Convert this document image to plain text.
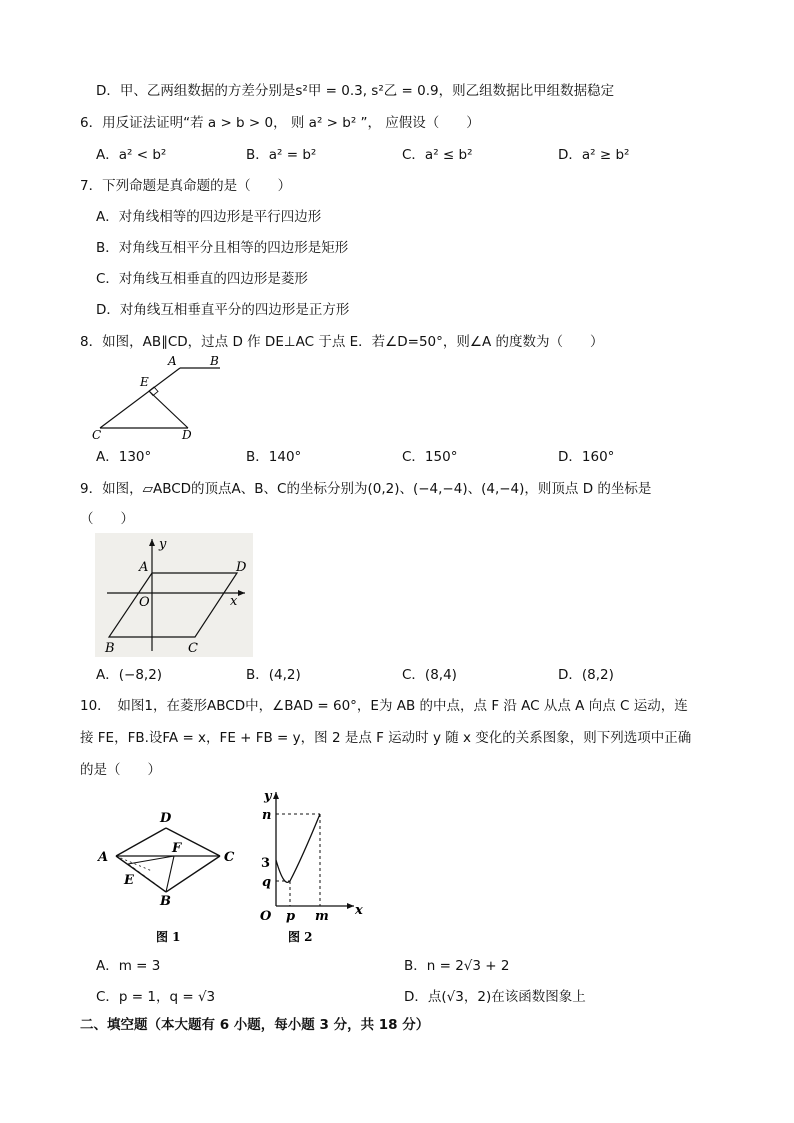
D．甲、乙两组数据的方差分别是s²甲 = 0.3, s²乙 = 0.9，则乙组数据比甲组数据稳定
6．用反证法证明“若 a > b > 0， 则 a² > b² ”， 应假设（　　）
A．a² < b²	B．a² = b²	C．a² ≤ b²	D．a² ≥ b²
7．下列命题是真命题的是（　　）
A．对角线相等的四边形是平行四边形
B．对角线互相平分且相等的四边形是矩形
C．对角线互相垂直的四边形是菱形
D．对角线互相垂直平分的四边形是正方形
8．如图，AB∥CD，过点 D 作 DE⊥AC 于点 E．若∠D=50°，则∠A 的度数为（　　）
A	B
E
C	D
A．130°	B．140°	C．150°	D．160°
9．如图，▱ABCD的顶点A、B、C的坐标分别为(0,2)、(−4,−4)、(4,−4)，则顶点 D 的坐标是
（　　）
y
x
A	D
O
B	C
A．(−8,2)	B．(4,2)	C．(8,4)	D．(8,2)
10．　如图1，在菱形ABCD中，∠BAD = 60°，E为 AB 的中点，点 F 沿 AC 从点 A 向点 C 运动，连
接 FE，FB.设FA = x，FE + FB = y，图 2 是点 F 运动时 y 随 x 变化的关系图象，则下列选项中正确
的是（　　）
D
A
F
C
E
B
图 1
y
n
3
q
O p m x
图 2
A．m = 3	B．n = 2√3 + 2
C．p = 1，q = √3	D．点(√3，2)在该函数图象上
二、填空题（本大题有 6 小题，每小题 3 分，共 18 分）
